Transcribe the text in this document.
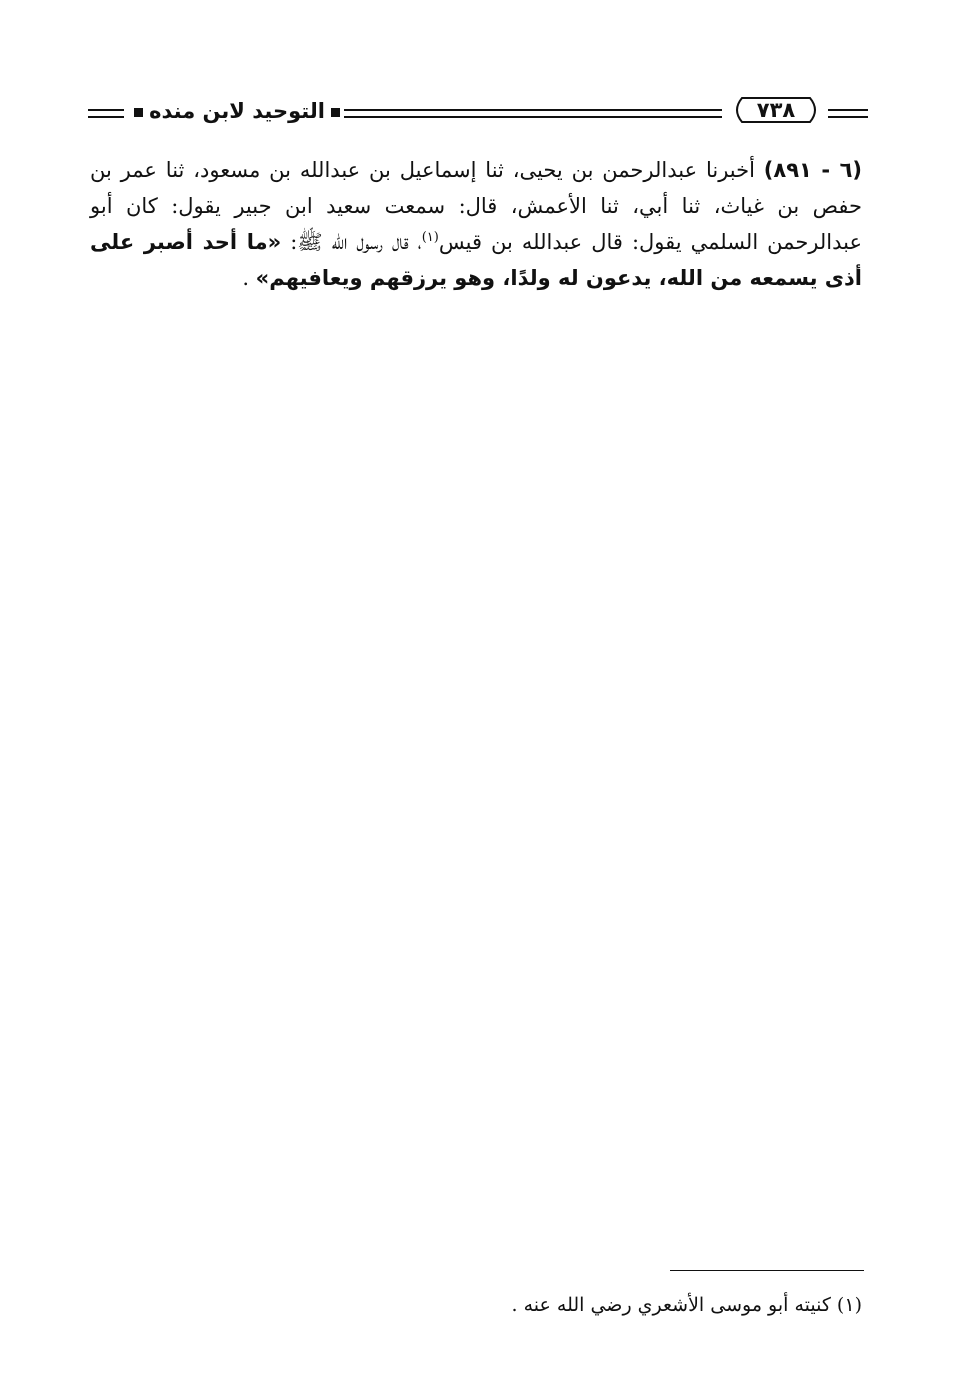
التوحيد لابن منده	٧٣٨
(٦ - ٨٩١) أخبرنا عبدالرحمن بن يحيى، ثنا إسماعيل بن عبدالله بن مسعود، ثنا عمر بن حفص بن غياث، ثنا أبي، ثنا الأعمش، قال: سمعت سعيد ابن جبير يقول: كان أبو عبدالرحمن السلمي يقول: قال عبدالله بن قيس$^{(١)}$، قال رسول الله ﷺ: «ما أحد أصبر على أذى يسمعه من الله، يدعون له ولدًا، وهو يرزقهم ويعافيهم» .
(١) كنيته أبو موسى الأشعري رضي الله عنه .
